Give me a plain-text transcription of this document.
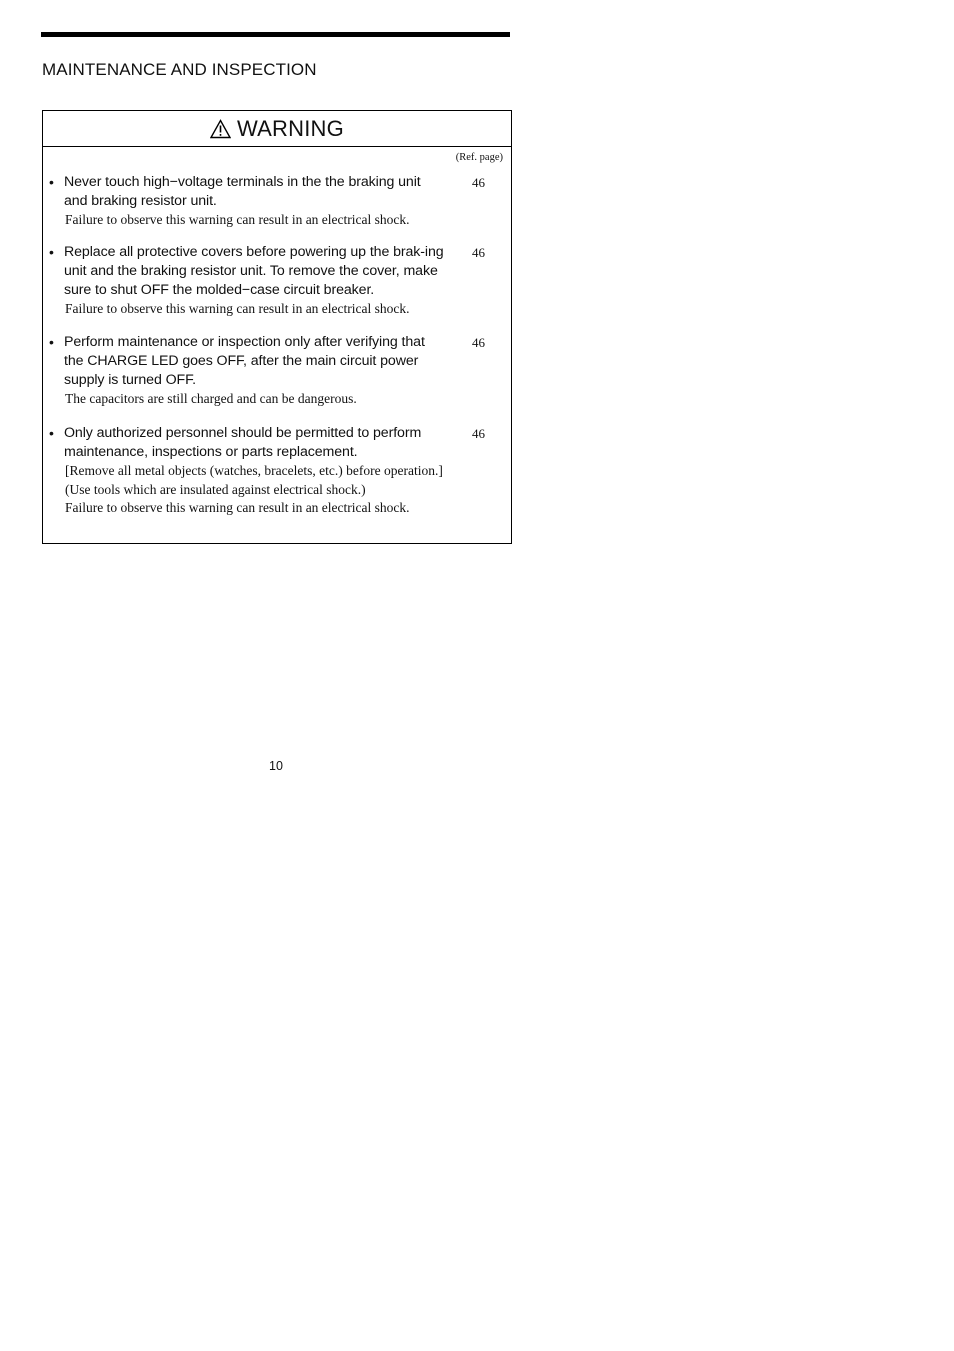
MAINTENANCE AND INSPECTION
WARNING
(Ref. page)
• Never touch high−voltage terminals in the the braking unit and braking resistor unit.
46
Failure to observe this warning can result in an electrical shock.
• Replace all protective covers before powering up the brak-ing unit and the braking resistor unit. To remove the cover, make sure to shut OFF the molded−case circuit breaker.
46
Failure to observe this warning can result in an electrical shock.
• Perform maintenance or inspection only after verifying that the CHARGE LED goes OFF, after the main circuit power supply is turned OFF.
46
The capacitors are still charged and can be dangerous.
• Only authorized personnel should be permitted to perform maintenance, inspections or parts replacement.
46
[Remove all metal objects (watches, bracelets, etc.) before operation.]
(Use tools which are insulated against electrical shock.)
Failure to observe this warning can result in an electrical shock.
10
